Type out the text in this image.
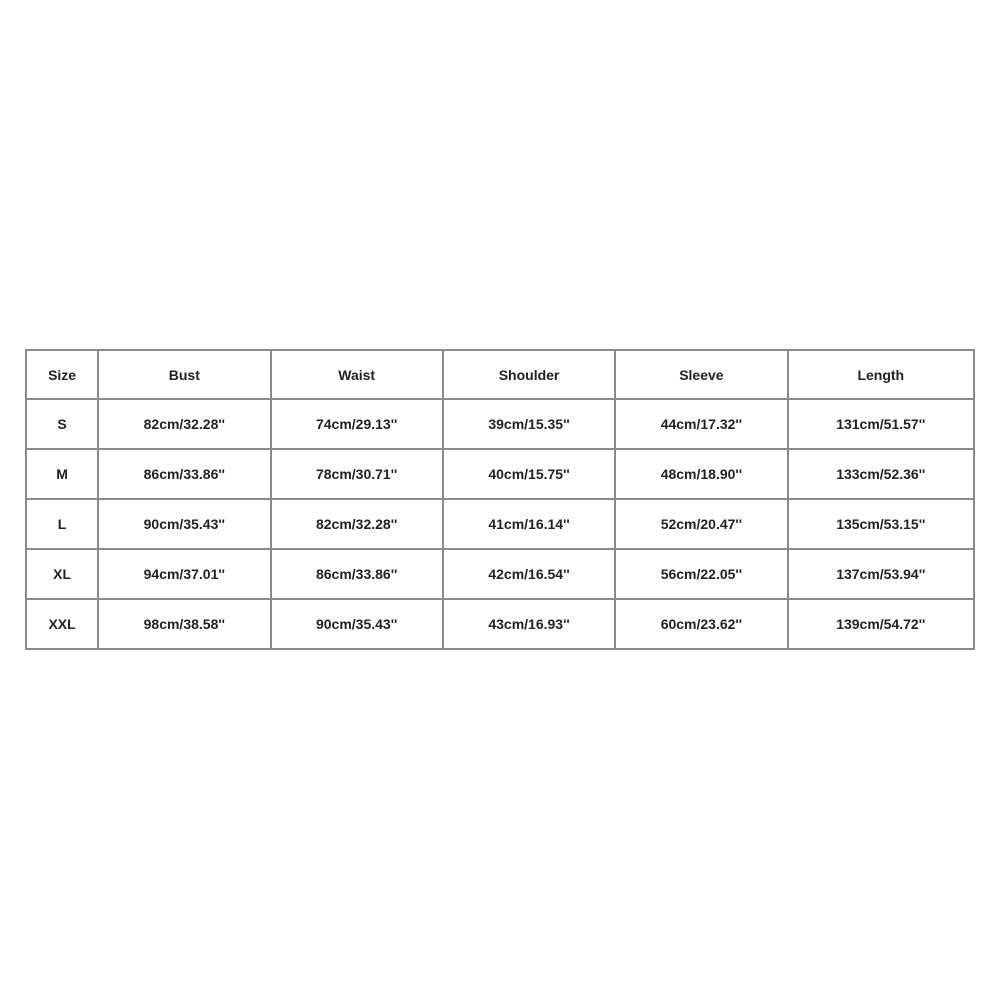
Size	Bust	Waist	Shoulder	Sleeve	Length
S	82cm/32.28''	74cm/29.13''	39cm/15.35''	44cm/17.32''	131cm/51.57''
M	86cm/33.86''	78cm/30.71''	40cm/15.75''	48cm/18.90''	133cm/52.36''
L	90cm/35.43''	82cm/32.28''	41cm/16.14''	52cm/20.47''	135cm/53.15''
XL	94cm/37.01''	86cm/33.86''	42cm/16.54''	56cm/22.05''	137cm/53.94''
XXL	98cm/38.58''	90cm/35.43''	43cm/16.93''	60cm/23.62''	139cm/54.72''
